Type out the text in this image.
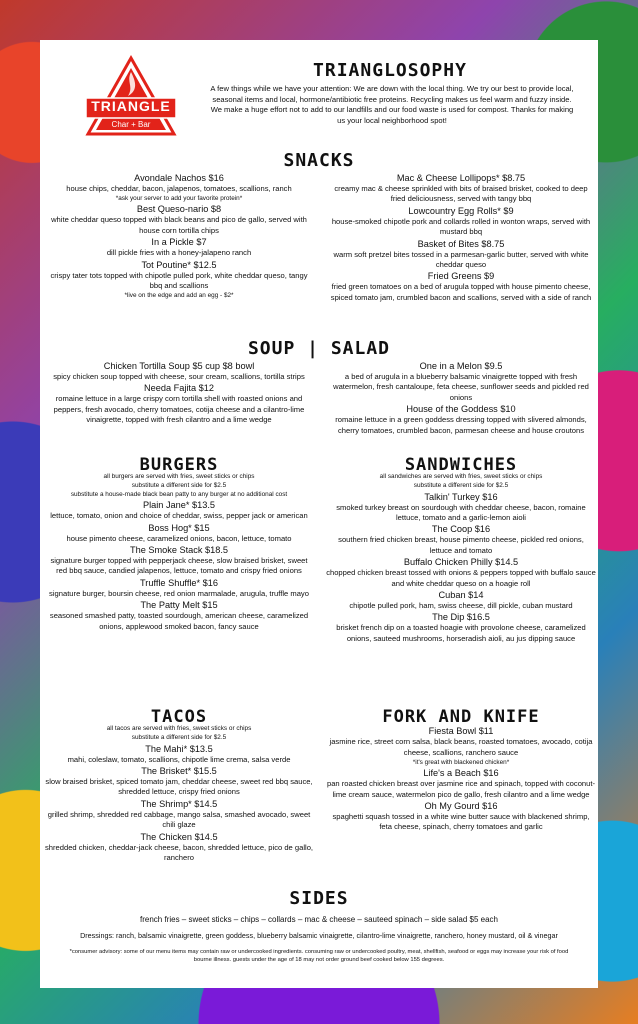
TRIANGLE
Char + Bar
TRIANGLOSOPHY
A few things while we have your attention: We are down with the local thing. We try our best to provide local, seasonal items and local, hormone/antibiotic free proteins. Recycling makes us feel warm and fuzzy inside. We make a huge effort not to add to our landfills and our food waste is used for compost. Thanks for making us your local neighborhood spot!
SNACKS
Avondale Nachos $16
house chips, cheddar, bacon, jalapenos, tomatoes, scallions, ranch
*ask your server to add your favorite protein*
Best Queso-nario $8
white cheddar queso topped with black beans and pico de gallo, served with house corn tortilla chips
In a Pickle $7
dill pickle fries with a honey-jalapeno ranch
Tot Poutine* $12.5
crispy tater tots topped with chipotle pulled pork, white cheddar queso, tangy bbq and scallions
*live on the edge and add an egg - $2*
Mac & Cheese Lollipops* $8.75
creamy mac & cheese sprinkled with bits of braised brisket, cooked to deep fried deliciousness, served with tangy bbq
Lowcountry Egg Rolls* $9
house-smoked chipotle pork and collards rolled in wonton wraps, served with mustard bbq
Basket of Bites $8.75
warm soft pretzel bites tossed in a parmesan-garlic butter, served with white cheddar queso
Fried Greens $9
fried green tomatoes on a bed of arugula topped with house pimento cheese, spiced tomato jam, crumbled bacon and scallions, served with a side of ranch
SOUP | SALAD
Chicken Tortilla Soup $5 cup $8 bowl
spicy chicken soup topped with cheese, sour cream, scallions, tortilla strips
Needa Fajita $12
romaine lettuce in a large crispy corn tortilla shell with roasted onions and peppers, fresh avocado, cherry tomatoes, cotija cheese and a cilantro-lime vinaigrette, topped with fresh cilantro and a lime wedge
One in a Melon $9.5
a bed of arugula in a blueberry balsamic vinaigrette topped with fresh watermelon, fresh cantaloupe, feta cheese, sunflower seeds and pickled red onions
House of the Goddess $10
romaine lettuce in a green goddess dressing topped with slivered almonds, cherry tomatoes, crumbled bacon, parmesan cheese and house croutons
BURGERS
all burgers are served with fries, sweet sticks or chips
substitute a different side for $2.5
substitute a house-made black bean patty to any burger at no additional cost
Plain Jane* $13.5
lettuce, tomato, onion and choice of cheddar, swiss, pepper jack or american
Boss Hog* $15
house pimento cheese, caramelized onions, bacon, lettuce, tomato
The Smoke Stack $18.5
signature burger topped with pepperjack cheese, slow braised brisket, sweet red bbq sauce, candied jalapenos, lettuce, tomato and crispy fried onions
Truffle Shuffle* $16
signature burger, boursin cheese, red onion marmalade, arugula, truffle mayo
The Patty Melt $15
seasoned smashed patty, toasted sourdough, american cheese, caramelized onions, applewood smoked bacon, fancy sauce
SANDWICHES
all sandwiches are served with fries, sweet sticks or chips
substitute a different side for $2.5
Talkin' Turkey $16
smoked turkey breast on sourdough with cheddar cheese, bacon, romaine lettuce, tomato and a garlic-lemon aioli
The Coop $16
southern fried chicken breast, house pimento cheese, pickled red onions, lettuce and tomato
Buffalo Chicken Philly $14.5
chopped chicken breast tossed with onions & peppers topped with buffalo sauce and white cheddar queso on a hoagie roll
Cuban $14
chipotle pulled pork, ham, swiss cheese, dill pickle, cuban mustard
The Dip $16.5
brisket french dip on a toasted hoagie with provolone cheese, caramelized onions, sauteed mushrooms, horseradish aioli, au jus dipping sauce
TACOS
all tacos are served with fries, sweet sticks or chips
substitute a different side for $2.5
The Mahi* $13.5
mahi, coleslaw, tomato, scallions, chipotle lime crema, salsa verde
The Brisket* $15.5
slow braised brisket, spiced tomato jam, cheddar cheese, sweet red bbq sauce, shredded lettuce, crispy fried onions
The Shrimp* $14.5
grilled shrimp, shredded red cabbage, mango salsa, smashed avocado, sweet chili glaze
The Chicken $14.5
shredded chicken, cheddar-jack cheese, bacon, shredded lettuce, pico de gallo, ranchero
FORK AND KNIFE
Fiesta Bowl $11
jasmine rice, street corn salsa, black beans, roasted tomatoes, avocado, cotija cheese, scallions, ranchero sauce
*it's great with blackened chicken*
Life's a Beach $16
pan roasted chicken breast over jasmine rice and spinach, topped with coconut-lime cream sauce, watermelon pico de gallo, fresh cilantro and a lime wedge
Oh My Gourd $16
spaghetti squash tossed in a white wine butter sauce with blackened shrimp, feta cheese, spinach, cherry tomatoes and garlic
SIDES
french fries – sweet sticks – chips – collards – mac & cheese – sauteed spinach – side salad $5 each
Dressings: ranch, balsamic vinaigrette, green goddess, blueberry balsamic vinaigrette, cilantro-lime vinaigrette, ranchero, honey mustard, oil & vinegar
*consumer advisory: some of our menu items may contain raw or undercooked ingredients. consuming raw or undercooked poultry, meat, shellfish, seafood or eggs may increase your risk of food bourne illness. guests under the age of 18 may not order ground beef cooked below 155 degrees.
